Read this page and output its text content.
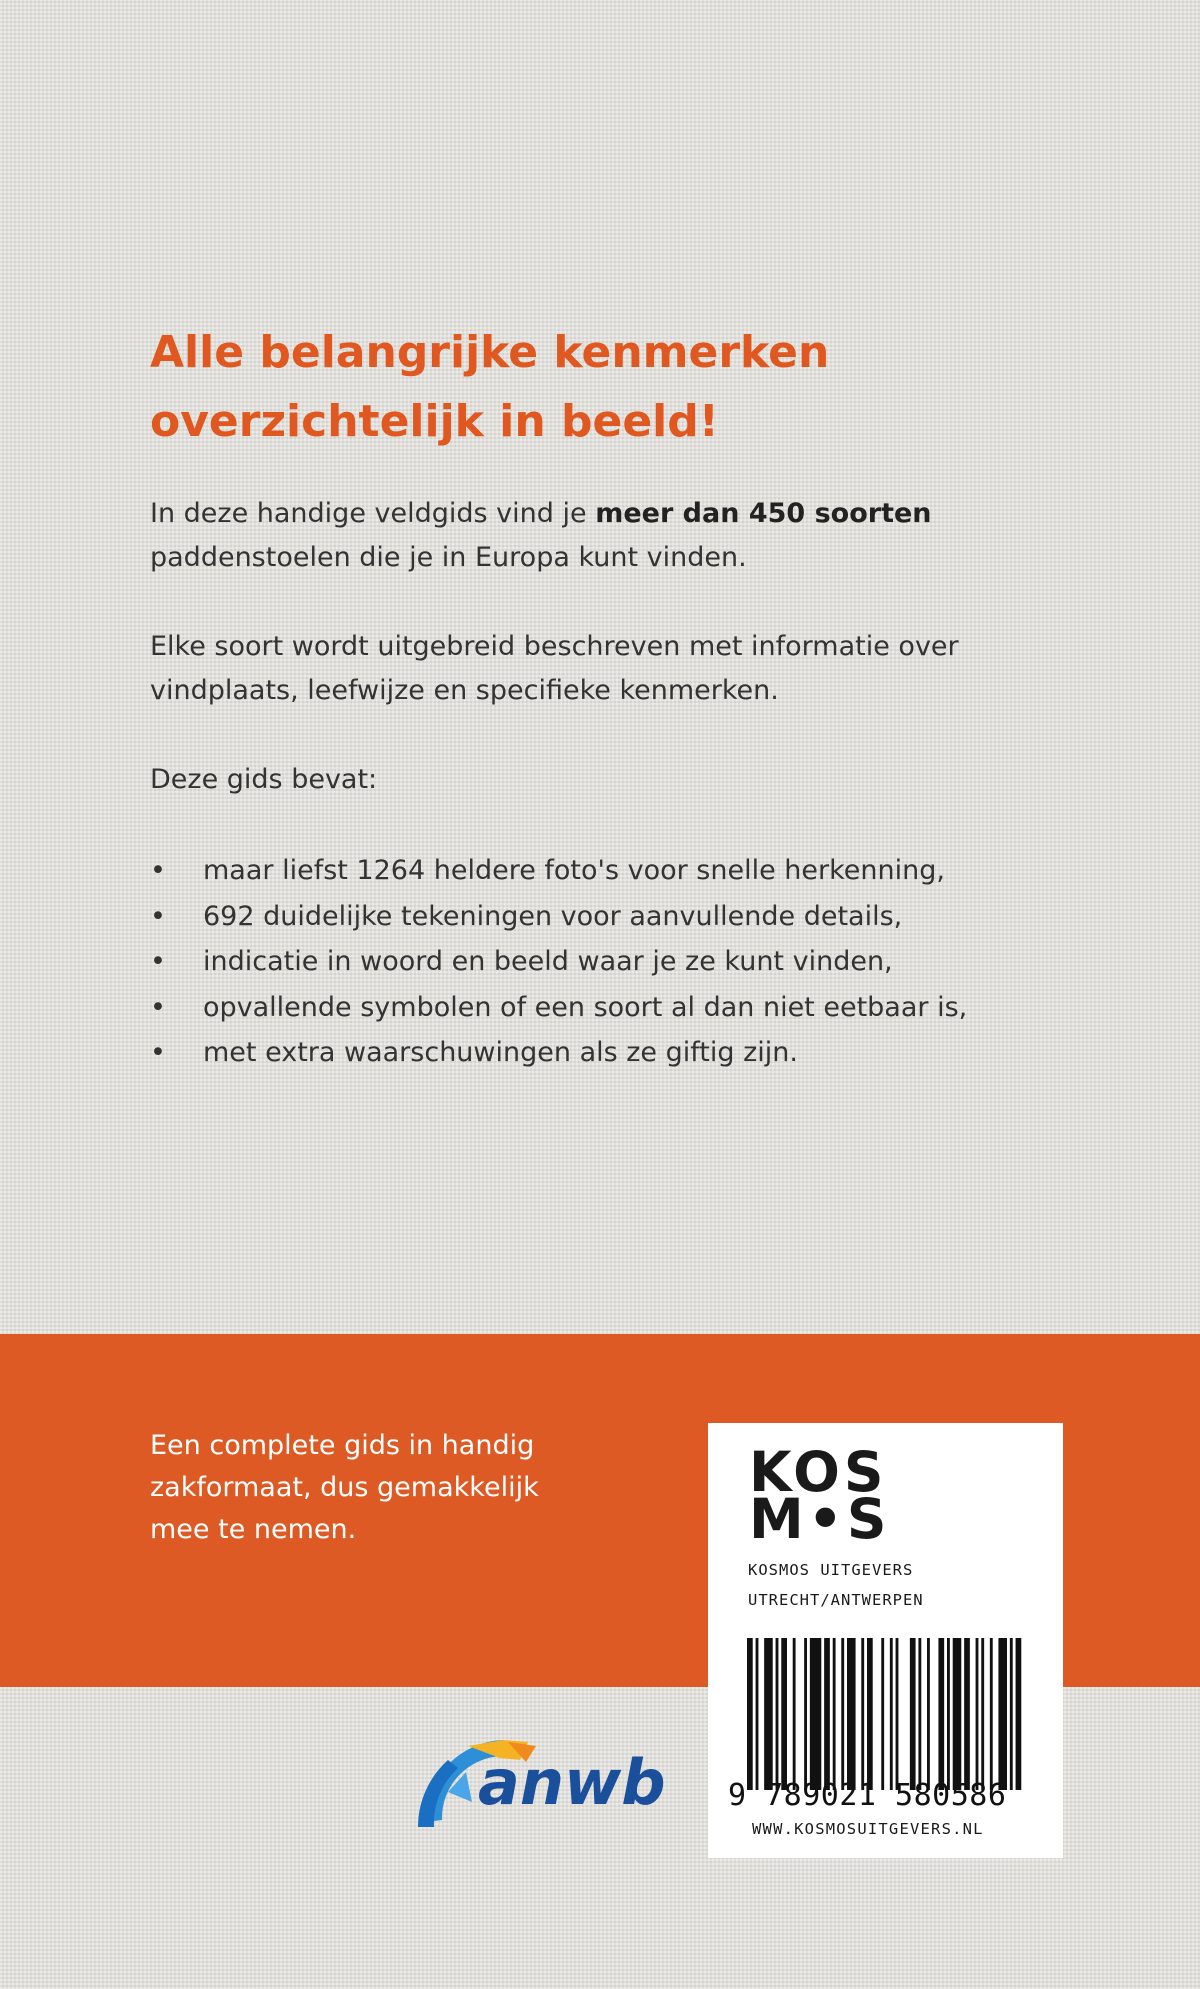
Alle belangrijke kenmerken
overzichtelijk in beeld!
In deze handige veldgids vind je meer dan 450 soorten
paddenstoelen die je in Europa kunt vinden.
Elke soort wordt uitgebreid beschreven met informatie over vindplaats, leefwijze en specifieke kenmerken.
Deze gids bevat:
• maar liefst 1264 heldere foto's voor snelle herkenning,
• 692 duidelijke tekeningen voor aanvullende details,
• indicatie in woord en beeld waar je ze kunt vinden,
• opvallende symbolen of een soort al dan niet eetbaar is,
• met extra waarschuwingen als ze giftig zijn.
Een complete gids in handig zakformaat, dus gemakkelijk mee te nemen.
KOS
M•S
KOSMOS UITGEVERS
UTRECHT/ANTWERPEN
9 789021 580586
WWW.KOSMOSUITGEVERS.NL
anwb
